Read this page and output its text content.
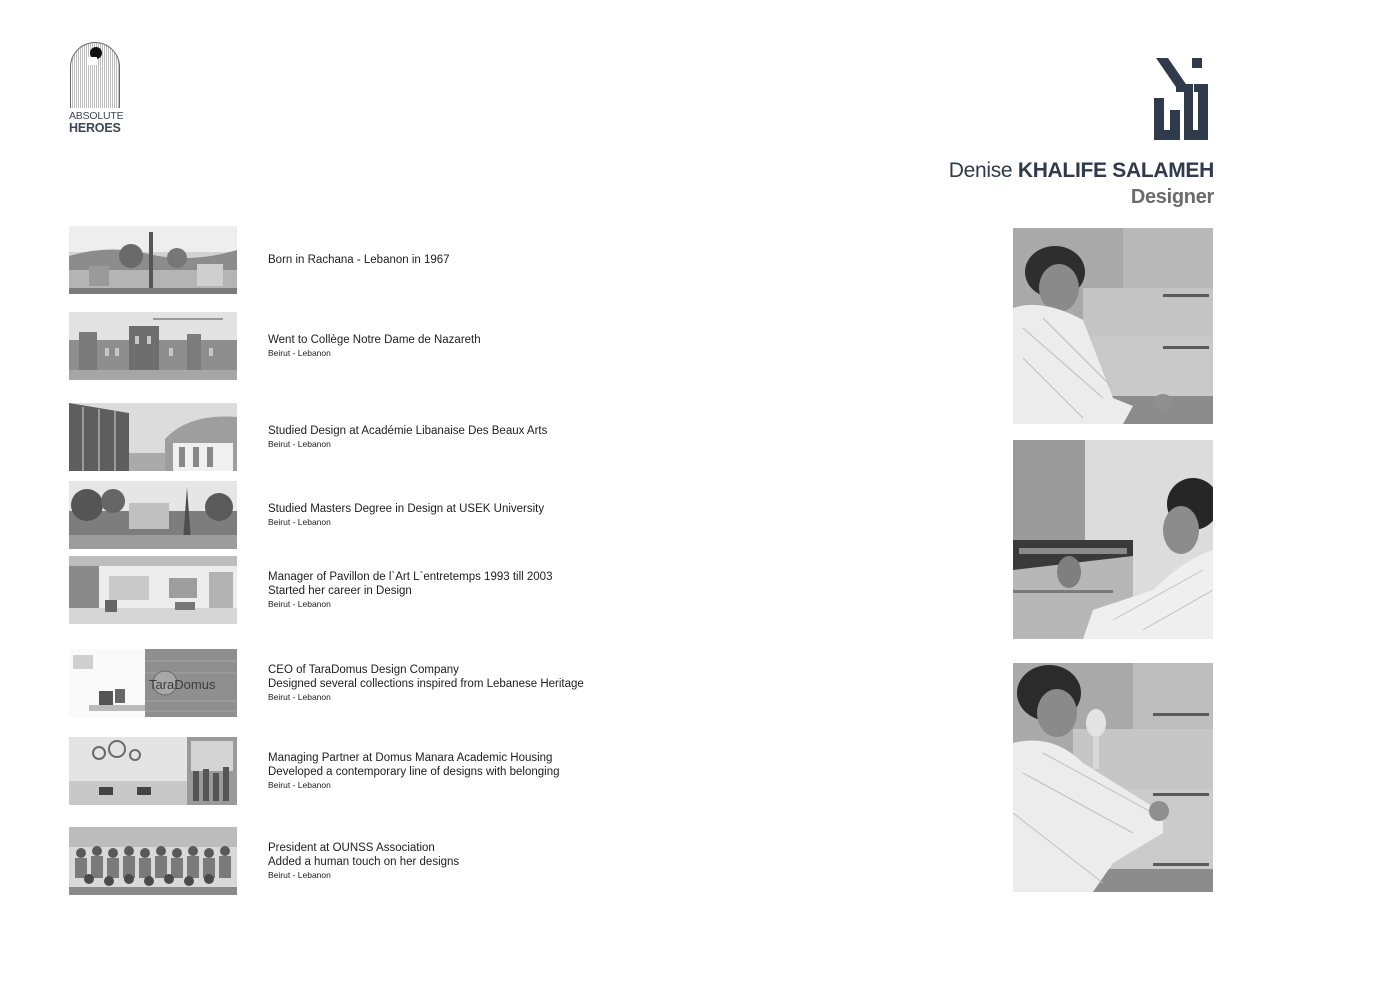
ABSOLUTE
HEROES
Denise KHALIFE SALAMEH
Designer
Born in Rachana - Lebanon in 1967
Went to Collège Notre Dame de Nazareth
Beirut - Lebanon
Studied Design at Académie Libanaise Des Beaux Arts
Beirut - Lebanon
Studied Masters Degree in Design at USEK University
Beirut - Lebanon
Manager of Pavillon de l`Art L`entretemps 1993 till 2003
Started her career in Design
Beirut - Lebanon
TaraDomus
CEO of TaraDomus Design Company
Designed several collections inspired from Lebanese Heritage
Beirut - Lebanon
Managing Partner at Domus Manara Academic Housing
Developed a contemporary line of designs with belonging
Beirut - Lebanon
President at OUNSS Association
Added a human touch on her designs
Beirut - Lebanon
